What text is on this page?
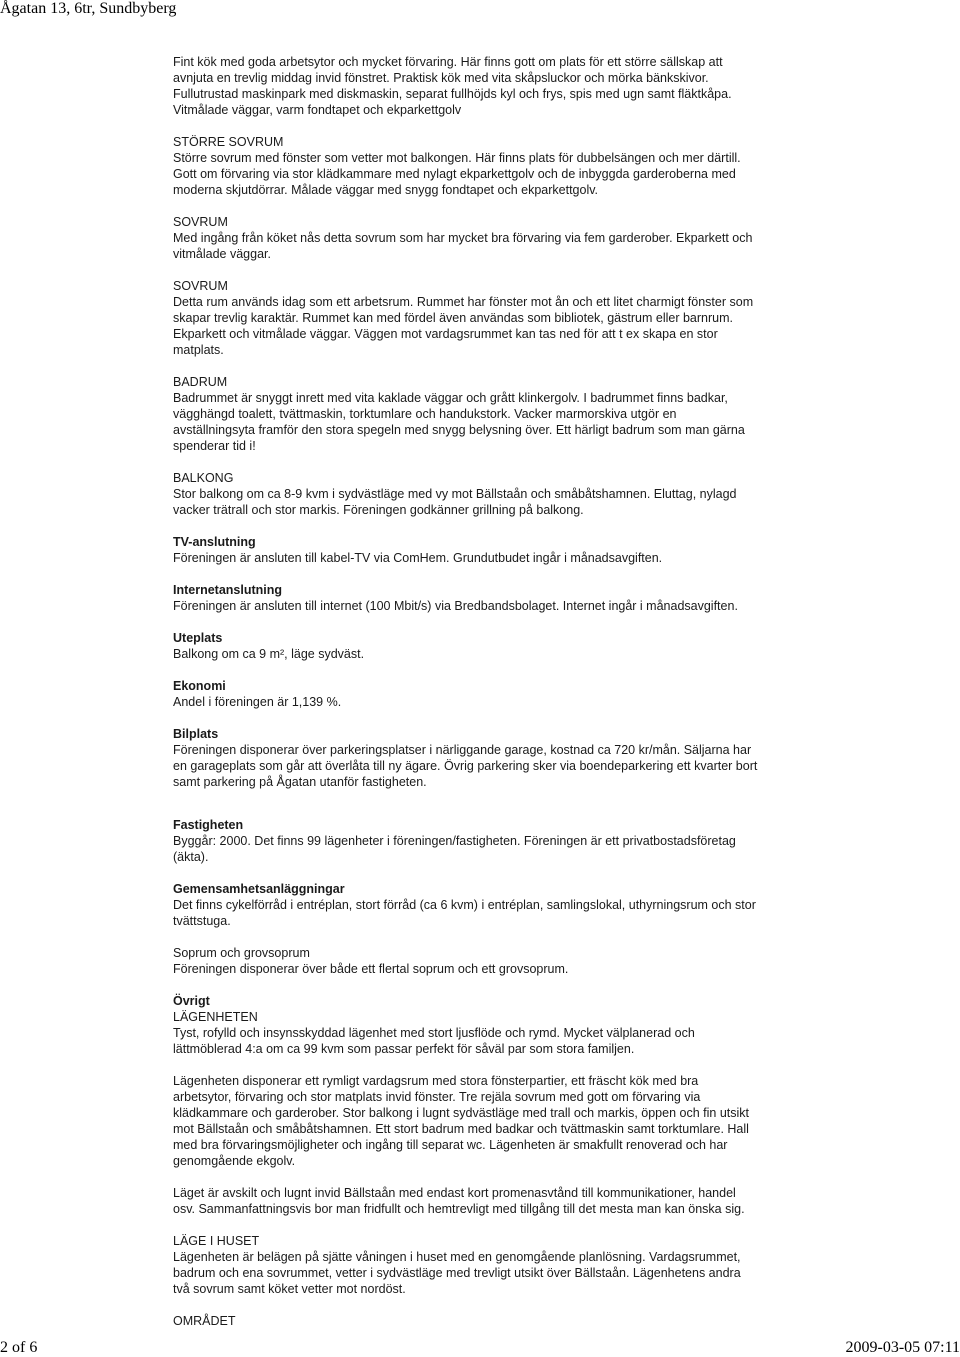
Ågatan 13, 6tr, Sundbyberg

Fint kök med goda arbetsytor och mycket förvaring. Här finns gott om plats för ett större sällskap att

avnjuta en trevlig middag invid fönstret. Praktisk kök med vita skåpsluckor och mörka bänkskivor.

Fullutrustad maskinpark med diskmaskin, separat fullhöjds kyl och frys, spis med ugn samt fläktkåpa.

Vitmålade väggar, varm fondtapet och ekparkettgolv

STÖRRE SOVRUM

Större sovrum med fönster som vetter mot balkongen. Här finns plats för dubbelsängen och mer därtill.

Gott om förvaring via stor klädkammare med nylagt ekparkettgolv och de inbyggda garderoberna med

moderna skjutdörrar. Målade väggar med snygg fondtapet och ekparkettgolv.

SOVRUM

Med ingång från köket nås detta sovrum som har mycket bra förvaring via fem garderober. Ekparkett och

vitmålade väggar.

SOVRUM

Detta rum används idag som ett arbetsrum. Rummet har fönster mot ån och ett litet charmigt fönster som

skapar trevlig karaktär. Rummet kan med fördel även användas som bibliotek, gästrum eller barnrum.

Ekparkett och vitmålade väggar. Väggen mot vardagsrummet kan tas ned för att t ex skapa en stor

matplats.

BADRUM

Badrummet är snyggt inrett med vita kaklade väggar och grått klinkergolv. I badrummet finns badkar,

vägghängd toalett, tvättmaskin, torktumlare och handukstork. Vacker marmorskiva utgör en

avställningsyta framför den stora spegeln med snygg belysning över. Ett härligt badrum som man gärna

spenderar tid i!

BALKONG

Stor balkong om ca 8-9 kvm i sydvästläge med vy mot Bällstaån och småbåtshamnen. Eluttag, nylagd

vacker trätrall och stor markis. Föreningen godkänner grillning på balkong.

TV-anslutning

Föreningen är ansluten till kabel-TV via ComHem. Grundutbudet ingår i månadsavgiften.

Internetanslutning

Föreningen är ansluten till internet (100 Mbit/s) via Bredbandsbolaget. Internet ingår i månadsavgiften.

Uteplats

Balkong om ca 9 m², läge sydväst.

Ekonomi

Andel i föreningen är 1,139 %.

Bilplats

Föreningen disponerar över parkeringsplatser i närliggande garage, kostnad ca 720 kr/mån. Säljarna har

en garageplats som går att överlåta till ny ägare. Övrig parkering sker via boendeparkering ett kvarter bort

samt parkering på Ågatan utanför fastigheten.

Fastigheten

Byggår: 2000. Det finns 99 lägenheter i föreningen/fastigheten. Föreningen är ett privatbostadsföretag

(äkta).

Gemensamhetsanläggningar

Det finns cykelförråd i entréplan, stort förråd (ca 6 kvm) i entréplan, samlingslokal, uthyrningsrum och stor

tvättstuga.

Soprum och grovsoprum

Föreningen disponerar över både ett flertal soprum och ett grovsoprum.

Övrigt

LÄGENHETEN

Tyst, rofylld och insynsskyddad lägenhet med stort ljusflöde och rymd. Mycket välplanerad och

lättmöblerad 4:a om ca 99 kvm som passar perfekt för såväl par som stora familjen.

Lägenheten disponerar ett rymligt vardagsrum med stora fönsterpartier, ett fräscht kök med bra

arbetsytor, förvaring och stor matplats invid fönster. Tre rejäla sovrum med gott om förvaring via

klädkammare och garderober. Stor balkong i lugnt sydvästläge med trall och markis, öppen och fin utsikt

mot Bällstaån och småbåtshamnen. Ett stort badrum med badkar och tvättmaskin samt torktumlare. Hall

med bra förvaringsmöjligheter och ingång till separat wc. Lägenheten är smakfullt renoverad och har

genomgående ekgolv.

Läget är avskilt och lugnt invid Bällstaån med endast kort promenasvtånd till kommunikationer, handel

osv. Sammanfattningsvis bor man fridfullt och hemtrevligt med tillgång till det mesta man kan önska sig.

LÄGE I HUSET

Lägenheten är belägen på sjätte våningen i huset med en genomgående planlösning. Vardagsrummet,

badrum och ena sovrummet, vetter i sydvästläge med trevligt utsikt över Bällstaån. Lägenhetens andra

två sovrum samt köket vetter mot nordöst.

OMRÅDET

2 of 6	2009-03-05 07:11
